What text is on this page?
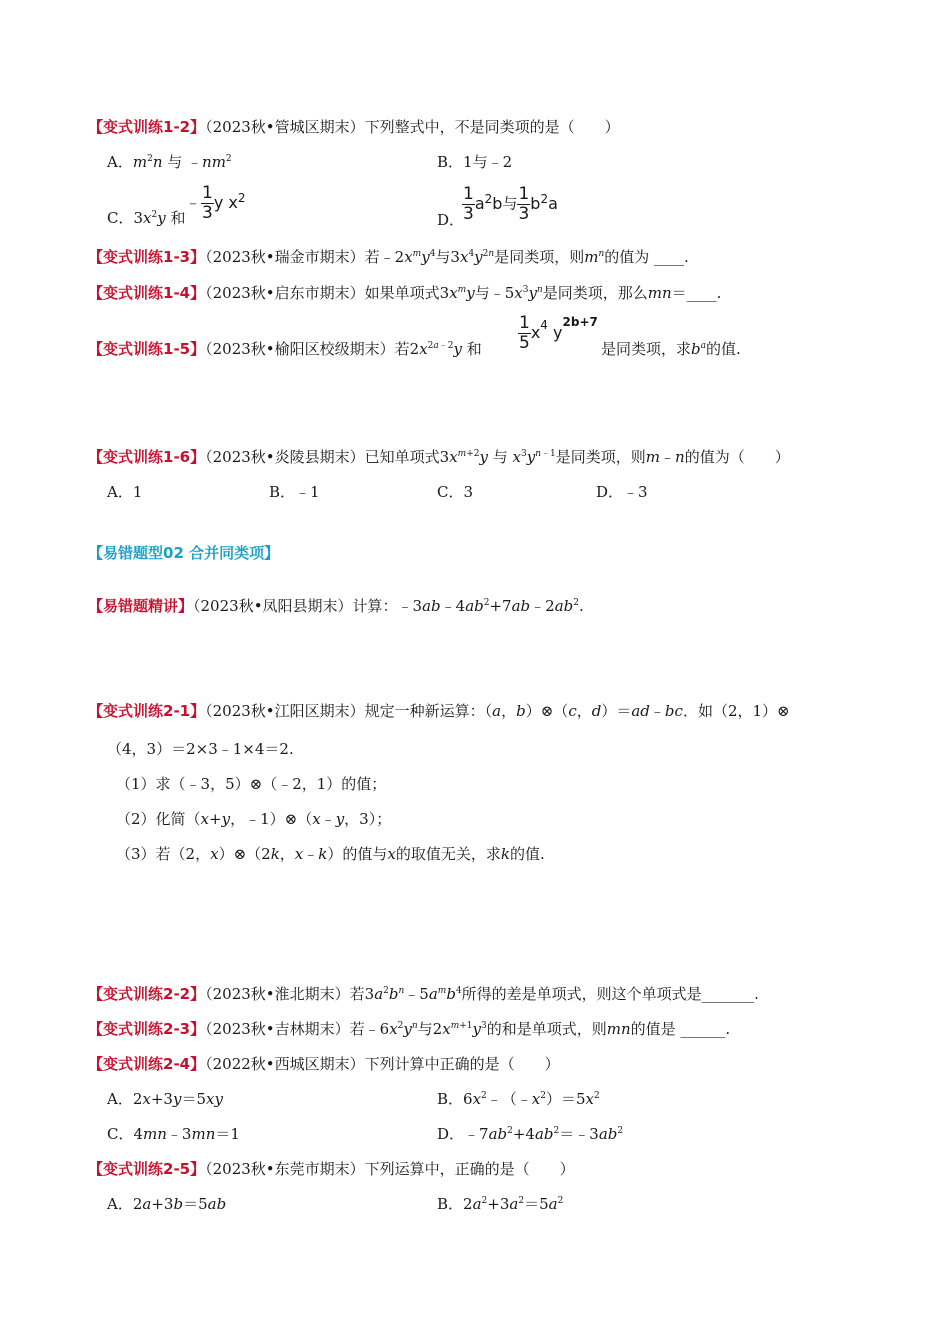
【变式训练1-2】（2023秋•管城区期末）下列整式中，不是同类项的是（　　）
A．$m^2n$ 与 $﹣nm^2$	B．1与﹣2
C．$3x^2y$ 和
﹣ $\frac{1}{3}$ y $x^2$
D．
$\frac{1}{3} a^2b$与 $\frac{1}{3} b^2a$
【变式训练1-3】（2023秋•瑞金市期末）若$﹣2x^my^4$与$3x^4y^{2n}$是同类项，则$m^n$的值为 ____.
【变式训练1-4】（2023秋•启东市期末）如果单项式$3x^my$与$﹣5x^3y^n$是同类项，那么mn＝____.
【变式训练1-5】（2023秋•榆阳区校级期末）若$2x^{2a﹣2}y$ 和 $\frac{1}{5} x^4$ $y^{2b+7}$
是同类项，求$b^a$的值.
【变式训练1-6】（2023秋•炎陵县期末）已知单项式$3x^{m+2}y$ 与 $x^3y^{n﹣1}$是同类项，则m﹣n的值为（　　）
A．1	B．﹣1	C．3	D．﹣3
【易错题型02 合并同类项】
【易错题精讲】（2023秋•凤阳县期末）计算：$﹣3ab﹣4ab^2+7ab﹣2ab^2$.
【变式训练2-1】（2023秋•江阳区期末）规定一种新运算：（a，b）⊗（c，d）＝ad﹣bc．如（2，1）⊗
（4，3）＝2×3﹣1×4＝2.
（1）求（﹣3，5）⊗（﹣2，1）的值；
（2）化简（x+y，﹣1）⊗（x﹣y，3）；
（3）若（2，x）⊗（2k，x﹣k）的值与x的取值无关，求k的值.
【变式训练2-2】（2023秋•淮北期末）若$3a^2b^n﹣5a^mb^4$所得的差是单项式，则这个单项式是_______.
【变式训练2-3】（2023秋•吉林期末）若$﹣6x^2y^n$与$2x^{m+1}y^3$的和是单项式，则mn的值是 ______.
【变式训练2-4】（2022秋•西城区期末）下列计算中正确的是（　　）
A．2x+3y＝5xy	B．$6x^2﹣(﹣x^2)=5x^2$
C．4mn﹣3mn＝1	D．$﹣7ab^2+4ab^2=﹣3ab^2$
【变式训练2-5】（2023秋•东莞市期末）下列运算中，正确的是（　　）
A．2a+3b＝5ab	B．$2a^2+3a^2=5a^2$
